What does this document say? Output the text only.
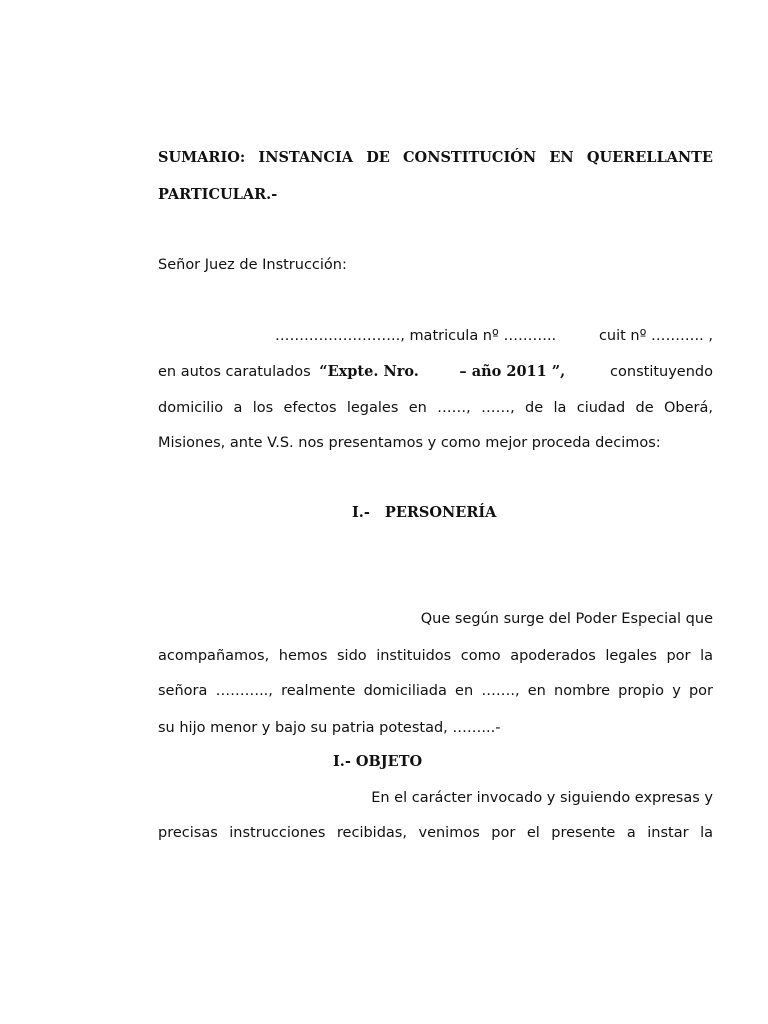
SUMARIO: INSTANCIA DE CONSTITUCIÓN EN QUERELLANTE
PARTICULAR.-
Señor Juez de Instrucción:
…………………….., matricula nº ………..	cuit nº ……….. ,
en autos caratulados “Expte. Nro.	– año 2011 ”,	constituyendo
domicilio a los efectos legales en ……, ……, de la ciudad de Oberá,
Misiones, ante V.S. nos presentamos y como mejor proceda decimos:
I.- PERSONERÍA
Que según surge del Poder Especial que
acompañamos, hemos sido instituidos como apoderados legales por la
señora ……….., realmente domiciliada en ……., en nombre propio y por
su hijo menor y bajo su patria potestad, ……...-
I.- OBJETO
En el carácter invocado y siguiendo expresas y
precisas instrucciones recibidas, venimos por el presente a instar la
